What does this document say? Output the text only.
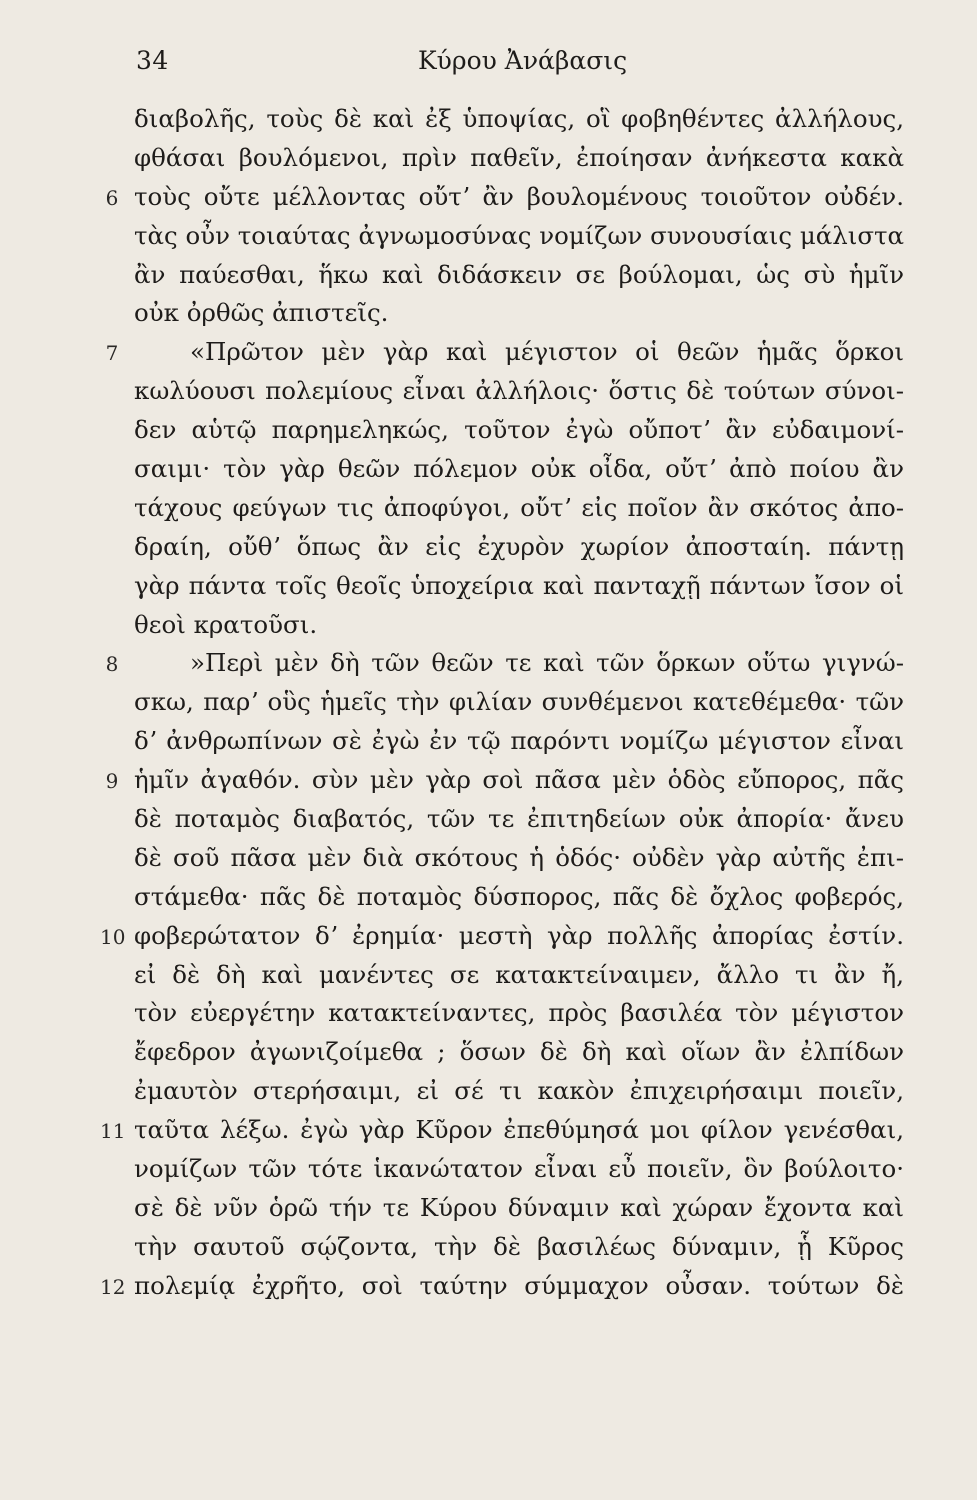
34	Κύρου Ἀνάβασις
διαβολῆς, τοὺς δὲ καὶ ἐξ ὑποψίας, οἳ φοβηθέντες ἀλλήλους,
φθάσαι βουλόμενοι, πρὶν παθεῖν, ἐποίησαν ἀνήκεστα κακὰ
6 τοὺς οὔτε μέλλοντας οὔτʼ ἂν βουλομένους τοιοῦτον οὐδέν.
τὰς οὖν τοιαύτας ἀγνωμοσύνας νομίζων συνουσίαις μάλιστα
ἂν παύεσθαι, ἥκω καὶ διδάσκειν σε βούλομαι, ὡς σὺ ἡμῖν
οὐκ ὀρθῶς ἀπιστεῖς.
7	«Πρῶτον μὲν γὰρ καὶ μέγιστον οἱ θεῶν ἡμᾶς ὅρκοι
κωλύουσι πολεμίους εἶναι ἀλλήλοις· ὅστις δὲ τούτων σύνοι-
δεν αὑτῷ παρημεληκώς, τοῦτον ἐγὼ οὔποτʼ ἂν εὐδαιμονί-
σαιμι· τὸν γὰρ θεῶν πόλεμον οὐκ οἶδα, οὔτʼ ἀπὸ ποίου ἂν
τάχους φεύγων τις ἀποφύγοι, οὔτʼ εἰς ποῖον ἂν σκότος ἀπο-
δραίη, οὔθʼ ὅπως ἂν εἰς ἐχυρὸν χωρίον ἀποσταίη. πάντῃ
γὰρ πάντα τοῖς θεοῖς ὑποχείρια καὶ πανταχῇ πάντων ἴσον οἱ
θεοὶ κρατοῦσι.
8	»Περὶ μὲν δὴ τῶν θεῶν τε καὶ τῶν ὅρκων οὕτω γιγνώ-
σκω, παρʼ οὓς ἡμεῖς τὴν φιλίαν συνθέμενοι κατεθέμεθα· τῶν
δʼ ἀνθρωπίνων σὲ ἐγὼ ἐν τῷ παρόντι νομίζω μέγιστον εἶναι
9 ἡμῖν ἀγαθόν. σὺν μὲν γὰρ σοὶ πᾶσα μὲν ὁδὸς εὔπορος, πᾶς
δὲ ποταμὸς διαβατός, τῶν τε ἐπιτηδείων οὐκ ἀπορία· ἄνευ
δὲ σοῦ πᾶσα μὲν διὰ σκότους ἡ ὁδός· οὐδὲν γὰρ αὐτῆς ἐπι-
στάμεθα· πᾶς δὲ ποταμὸς δύσπορος, πᾶς δὲ ὄχλος φοβερός,
10 φοβερώτατον δʼ ἐρημία· μεστὴ γὰρ πολλῆς ἀπορίας ἐστίν.
εἰ δὲ δὴ καὶ μανέντες σε κατακτείναιμεν, ἄλλο τι ἂν ἤ,
τὸν εὐεργέτην κατακτείναντες, πρὸς βασιλέα τὸν μέγιστον
ἔφεδρον ἀγωνιζοίμεθα ; ὅσων δὲ δὴ καὶ οἵων ἂν ἐλπίδων
ἐμαυτὸν στερήσαιμι, εἰ σέ τι κακὸν ἐπιχειρήσαιμι ποιεῖν,
11 ταῦτα λέξω. ἐγὼ γὰρ Κῦρον ἐπεθύμησά μοι φίλον γενέσθαι,
νομίζων τῶν τότε ἱκανώτατον εἶναι εὖ ποιεῖν, ὃν βούλοιτο·
σὲ δὲ νῦν ὁρῶ τήν τε Κύρου δύναμιν καὶ χώραν ἔχοντα καὶ
τὴν σαυτοῦ σῴζοντα, τὴν δὲ βασιλέως δύναμιν, ᾗ Κῦρος
12 πολεμίᾳ ἐχρῆτο, σοὶ ταύτην σύμμαχον οὖσαν. τούτων δὲ
